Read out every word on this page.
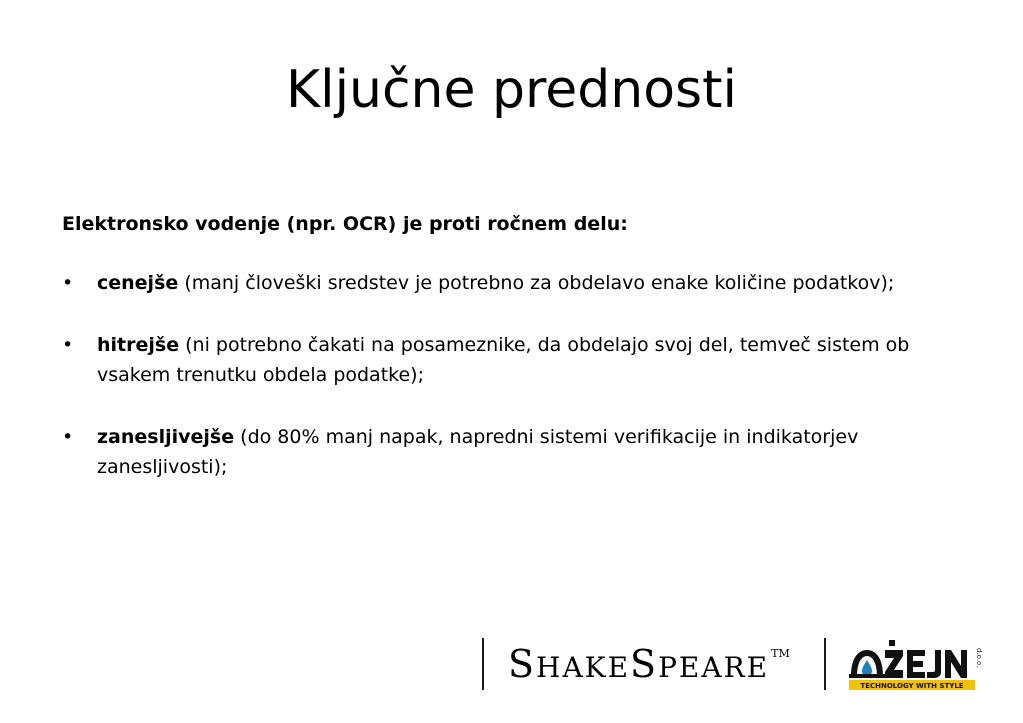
Ključne prednosti

Elektronsko vodenje (npr. OCR) je proti ročnem delu:

•	cenejše (manj človeški sredstev je potrebno za obdelavo enake količine podatkov);
•	hitrejše (ni potrebno čakati na posameznike, da obdelajo svoj del, temveč sistem ob vsakem trenutku obdela podatke);
•	zanesljivejše (do 80% manj napak, napredni sistemi verifikacije in indikatorjev zanesljivosti);
SHAKESPEARE ™	d.o.o.
TECHNOLOGY WITH STYLE
